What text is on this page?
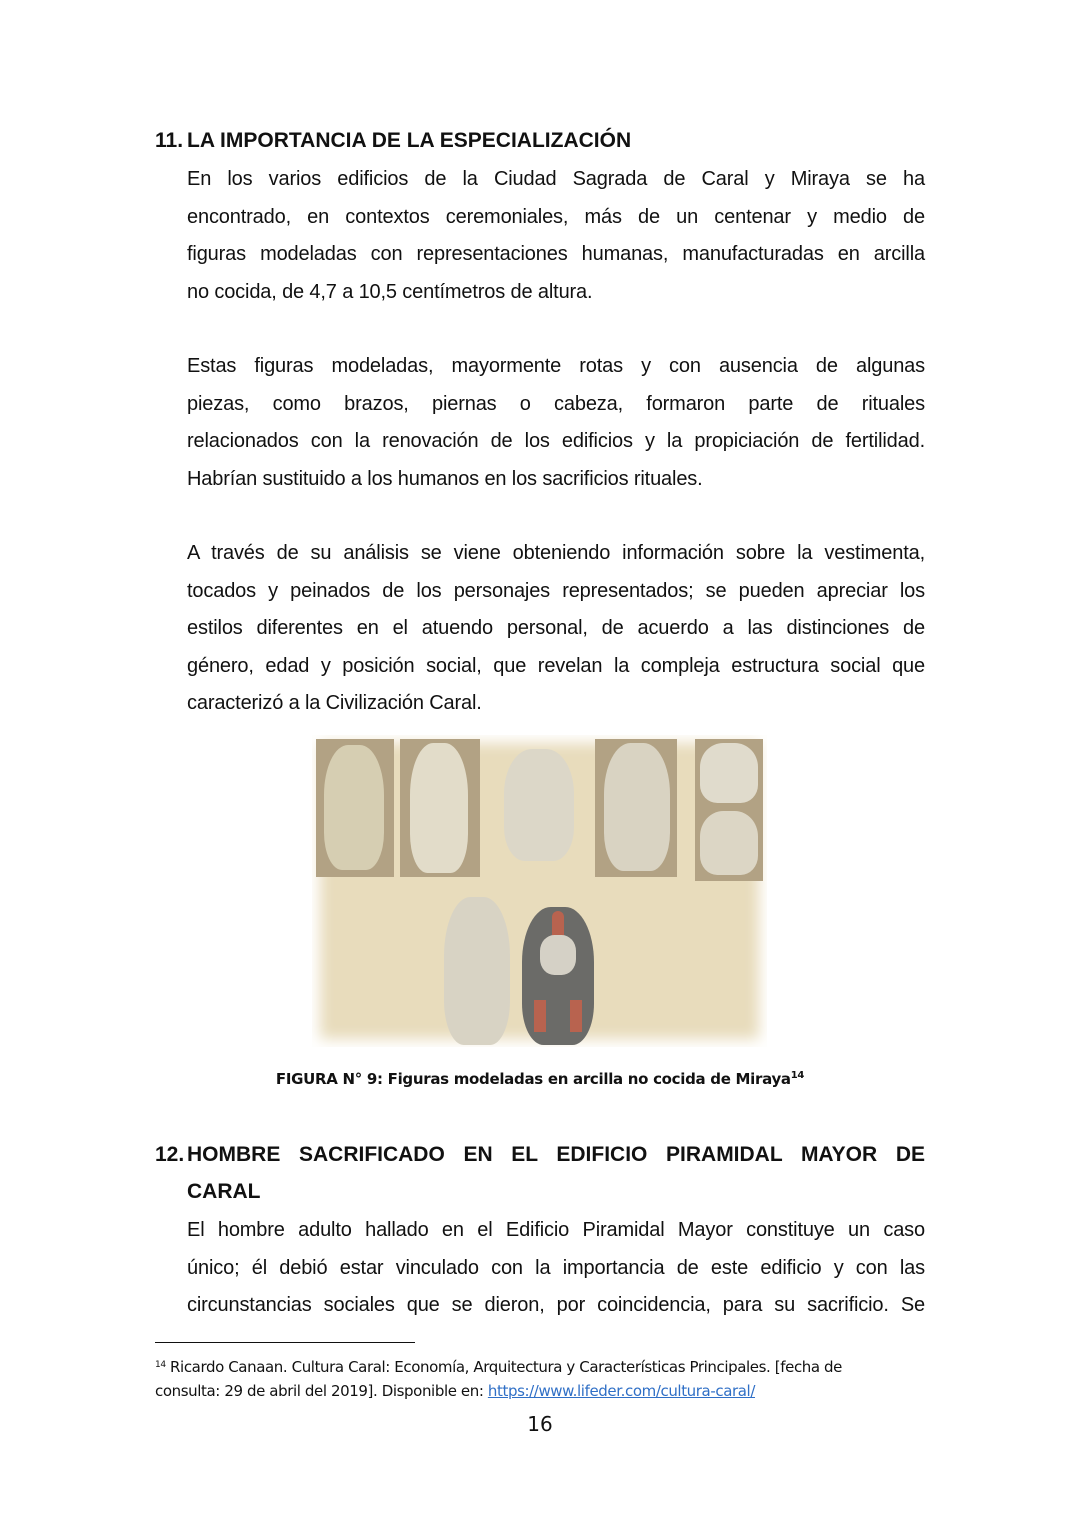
11. LA IMPORTANCIA DE LA ESPECIALIZACIÓN
En los varios edificios de la Ciudad Sagrada de Caral y Miraya se ha
encontrado, en contextos ceremoniales, más de un centenar y medio de
figuras modeladas con representaciones humanas, manufacturadas en arcilla
no cocida, de 4,7 a 10,5 centímetros de altura.
Estas figuras modeladas, mayormente rotas y con ausencia de algunas
piezas, como brazos, piernas o cabeza, formaron parte de rituales
relacionados con la renovación de los edificios y la propiciación de fertilidad.
Habrían sustituido a los humanos en los sacrificios rituales.
A través de su análisis se viene obteniendo información sobre la vestimenta,
tocados y peinados de los personajes representados; se pueden apreciar los
estilos diferentes en el atuendo personal, de acuerdo a las distinciones de
género, edad y posición social, que revelan la compleja estructura social que
caracterizó a la Civilización Caral.
FIGURA N° 9: Figuras modeladas en arcilla no cocida de Miraya$^{14}$
12. HOMBRE SACRIFICADO EN EL EDIFICIO PIRAMIDAL MAYOR DE
CARAL
El hombre adulto hallado en el Edificio Piramidal Mayor constituye un caso
único; él debió estar vinculado con la importancia de este edificio y con las
circunstancias sociales que se dieron, por coincidencia, para su sacrificio. Se
$^{14}$ Ricardo Canaan. Cultura Caral: Economía, Arquitectura y Características Principales. [fecha de
consulta: 29 de abril del 2019]. Disponible en: https://www.lifeder.com/cultura-caral/
16
